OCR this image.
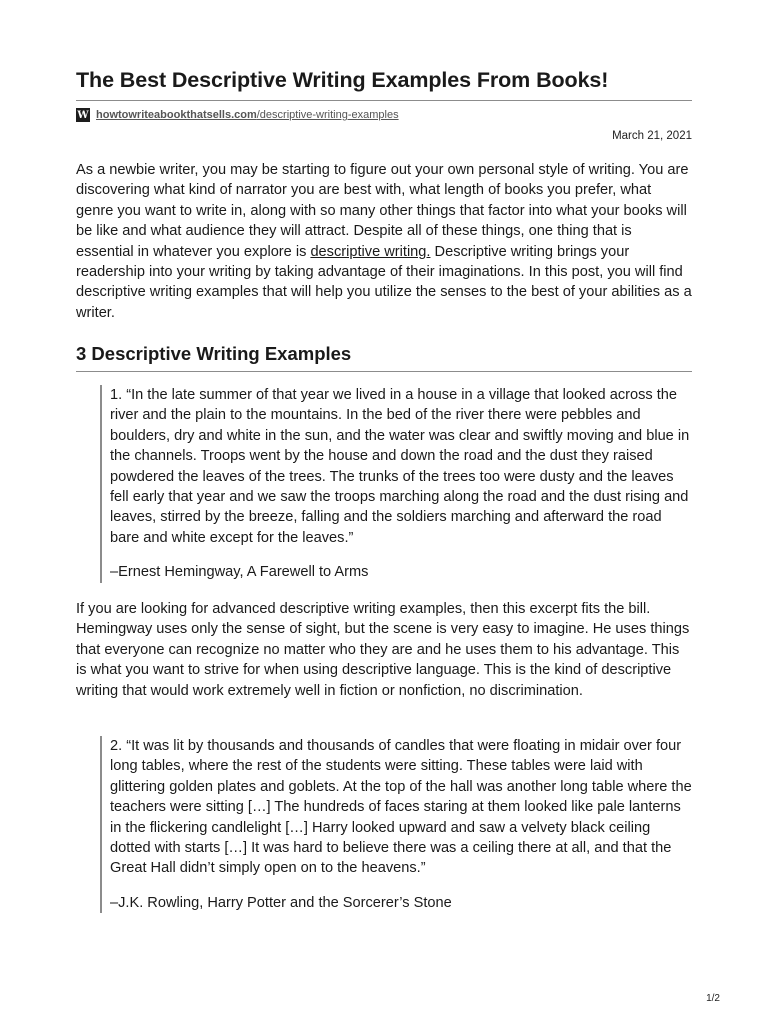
The Best Descriptive Writing Examples From Books!
W howtowriteabookthatsells.com/descriptive-writing-examples
March 21, 2021

As a newbie writer, you may be starting to figure out your own personal style of writing. You are discovering what kind of narrator you are best with, what length of books you prefer, what genre you want to write in, along with so many other things that factor into what your books will be like and what audience they will attract. Despite all of these things, one thing that is essential in whatever you explore is descriptive writing. Descriptive writing brings your readership into your writing by taking advantage of their imaginations. In this post, you will find descriptive writing examples that will help you utilize the senses to the best of your abilities as a writer.

3 Descriptive Writing Examples

1. “In the late summer of that year we lived in a house in a village that looked across the river and the plain to the mountains. In the bed of the river there were pebbles and boulders, dry and white in the sun, and the water was clear and swiftly moving and blue in the channels. Troops went by the house and down the road and the dust they raised powdered the leaves of the trees. The trunks of the trees too were dusty and the leaves fell early that year and we saw the troops marching along the road and the dust rising and leaves, stirred by the breeze, falling and the soldiers marching and afterward the road bare and white except for the leaves.”

–Ernest Hemingway, A Farewell to Arms

If you are looking for advanced descriptive writing examples, then this excerpt fits the bill. Hemingway uses only the sense of sight, but the scene is very easy to imagine. He uses things that everyone can recognize no matter who they are and he uses them to his advantage. This is what you want to strive for when using descriptive language. This is the kind of descriptive writing that would work extremely well in fiction or nonfiction, no discrimination.

2. “It was lit by thousands and thousands of candles that were floating in midair over four long tables, where the rest of the students were sitting. These tables were laid with glittering golden plates and goblets. At the top of the hall was another long table where the teachers were sitting […] The hundreds of faces staring at them looked like pale lanterns in the flickering candlelight […] Harry looked upward and saw a velvety black ceiling dotted with starts […] It was hard to believe there was a ceiling there at all, and that the Great Hall didn’t simply open on to the heavens.”

–J.K. Rowling, Harry Potter and the Sorcerer’s Stone

1/2
